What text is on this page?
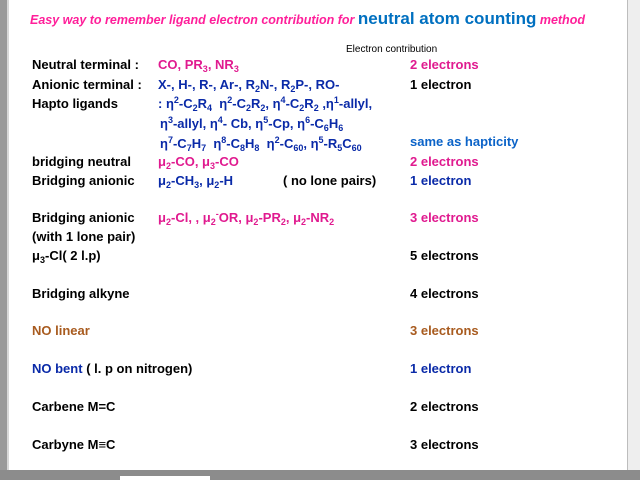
Easy way to remember ligand electron contribution for neutral atom counting method
Electron contribution
Neutral terminal : CO, $PR_3$, $NR_3$	2 electrons
Anionic terminal : X-, H-, R-, Ar-, $R_2N-$, $R_2P-$, RO-	1 electron
Hapto ligands	: $\eta^2-C_2R_4$  $\eta^2-C_2R_2$, $\eta^4-C_2R_2$ $,\eta^1$-allyl,
$\eta^3$-allyl, $\eta^4-$ Cb, $\eta^5-Cp$, $\eta^6-C_6H_6$
$\eta^7-C_7H_7$  $\eta^8-C_8H_8$  $\eta^2-C_{60}$, $\eta^5-R_5C_{60}$	same as hapticity
bridging neutral $\mu_2-CO$, $\mu_3-CO$	2 electrons
Bridging anionic $\mu_2-CH_3$, $\mu_2-H$	( no lone pairs)	1 electron
Bridging anionic
(with 1 lone pair)
$\mu_2-Cl$, , $\mu_2^-OR$, $\mu_2-PR_2$, $\mu_2-NR_2$	3 electrons
$\mu_3-Cl$( 2 l.p)	5 electrons
Bridging alkyne	4 electrons
NO linear	3 electrons
NO bent ( l. p on nitrogen)	1 electron
Carbene M=C	2 electrons
Carbyne M≡C	3 electrons
